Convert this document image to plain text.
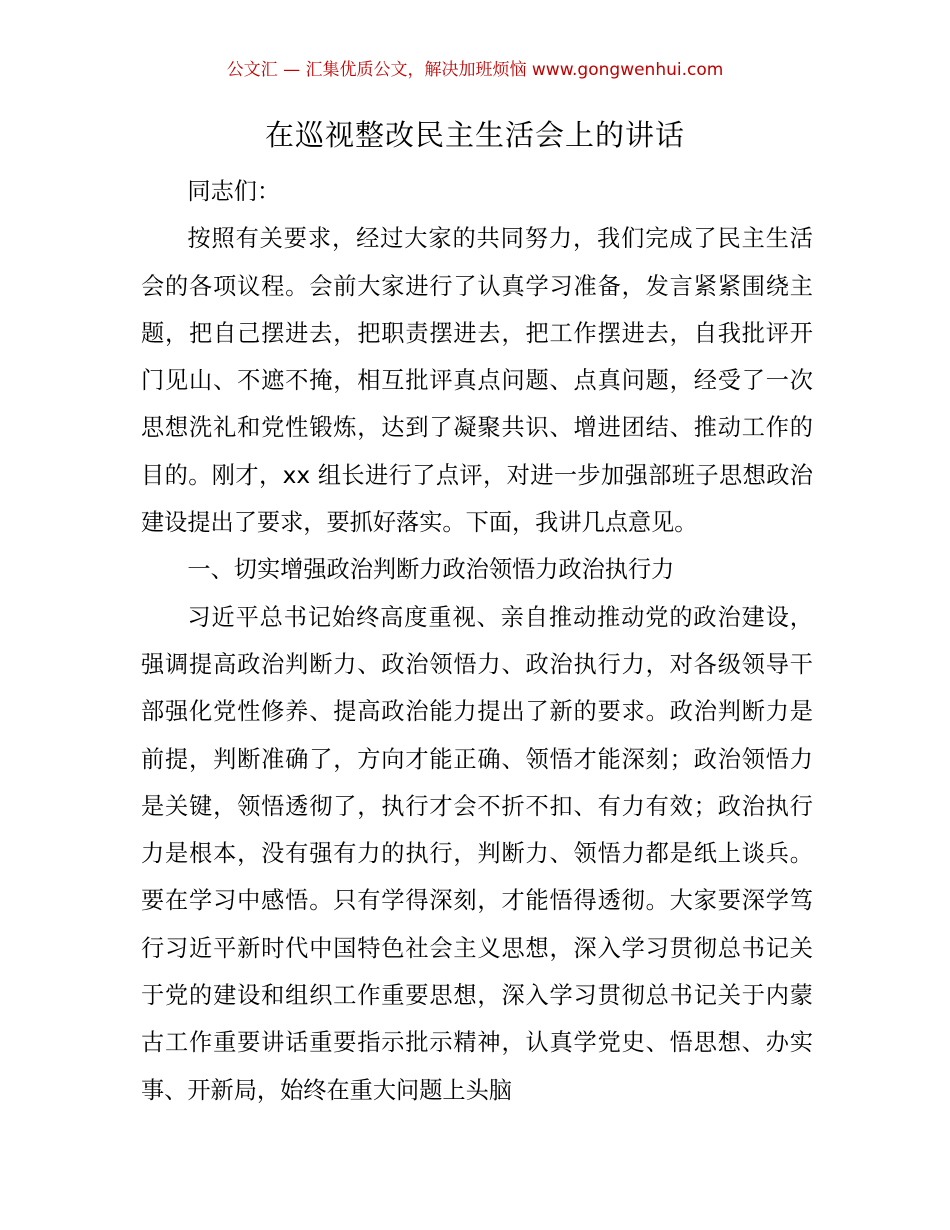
公文汇 — 汇集优质公文，解决加班烦恼 www.gongwenhui.com
在巡视整改民主生活会上的讲话

同志们：

按照有关要求，经过大家的共同努力，我们完成了民主生活会的各项议程。会前大家进行了认真学习准备，发言紧紧围绕主题，把自己摆进去，把职责摆进去，把工作摆进去，自我批评开门见山、不遮不掩，相互批评真点问题、点真问题，经受了一次思想洗礼和党性锻炼，达到了凝聚共识、增进团结、推动工作的目的。刚才，xx 组长进行了点评，对进一步加强部班子思想政治建设提出了要求，要抓好落实。下面，我讲几点意见。

一、切实增强政治判断力政治领悟力政治执行力

习近平总书记始终高度重视、亲自推动推动党的政治建设，强调提高政治判断力、政治领悟力、政治执行力，对各级领导干部强化党性修养、提高政治能力提出了新的要求。政治判断力是前提，判断准确了，方向才能正确、领悟才能深刻；政治领悟力是关键，领悟透彻了，执行才会不折不扣、有力有效；政治执行力是根本，没有强有力的执行，判断力、领悟力都是纸上谈兵。要在学习中感悟。只有学得深刻，才能悟得透彻。大家要深学笃行习近平新时代中国特色社会主义思想，深入学习贯彻总书记关于党的建设和组织工作重要思想，深入学习贯彻总书记关于内蒙古工作重要讲话重要指示批示精神，认真学党史、悟思想、办实事、开新局，始终在重大问题上头脑
